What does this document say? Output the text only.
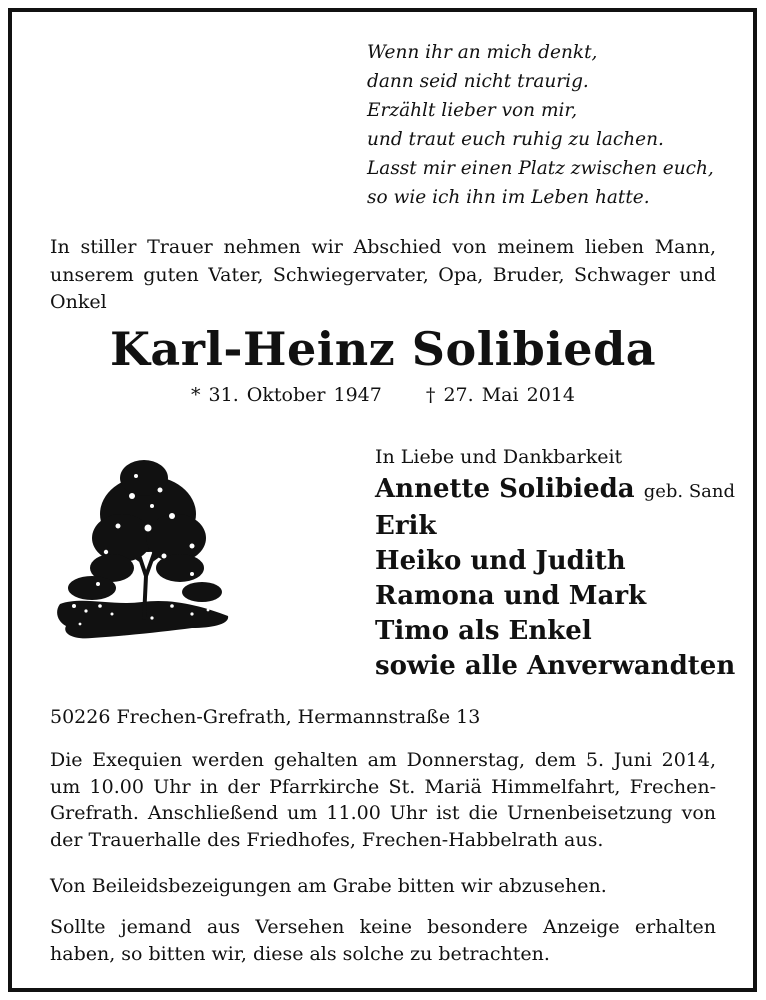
Wenn ihr an mich denkt,
dann seid nicht traurig.
Erzählt lieber von mir,
und traut euch ruhig zu lachen.
Lasst mir einen Platz zwischen euch,
so wie ich ihn im Leben hatte.
In stiller Trauer nehmen wir Abschied von meinem lieben Mann, unserem guten Vater, Schwiegervater, Opa, Bruder, Schwager und Onkel
Karl-Heinz Solibieda
* 31. Oktober 1947 † 27. Mai 2014
In Liebe und Dankbarkeit
Annette Solibieda geb. Sand
Erik
Heiko und Judith
Ramona und Mark
Timo als Enkel
sowie alle Anverwandten
50226 Frechen-Grefrath, Hermannstraße 13
Die Exequien werden gehalten am Donnerstag, dem 5. Juni 2014, um 10.00 Uhr in der Pfarrkirche St. Mariä Himmelfahrt, Frechen-Grefrath. Anschließend um 11.00 Uhr ist die Urnenbeisetzung von der Trauerhalle des Friedhofes, Frechen-Habbelrath aus.
Von Beileidsbezeigungen am Grabe bitten wir abzusehen.
Sollte jemand aus Versehen keine besondere Anzeige erhalten haben, so bitten wir, diese als solche zu betrachten.
